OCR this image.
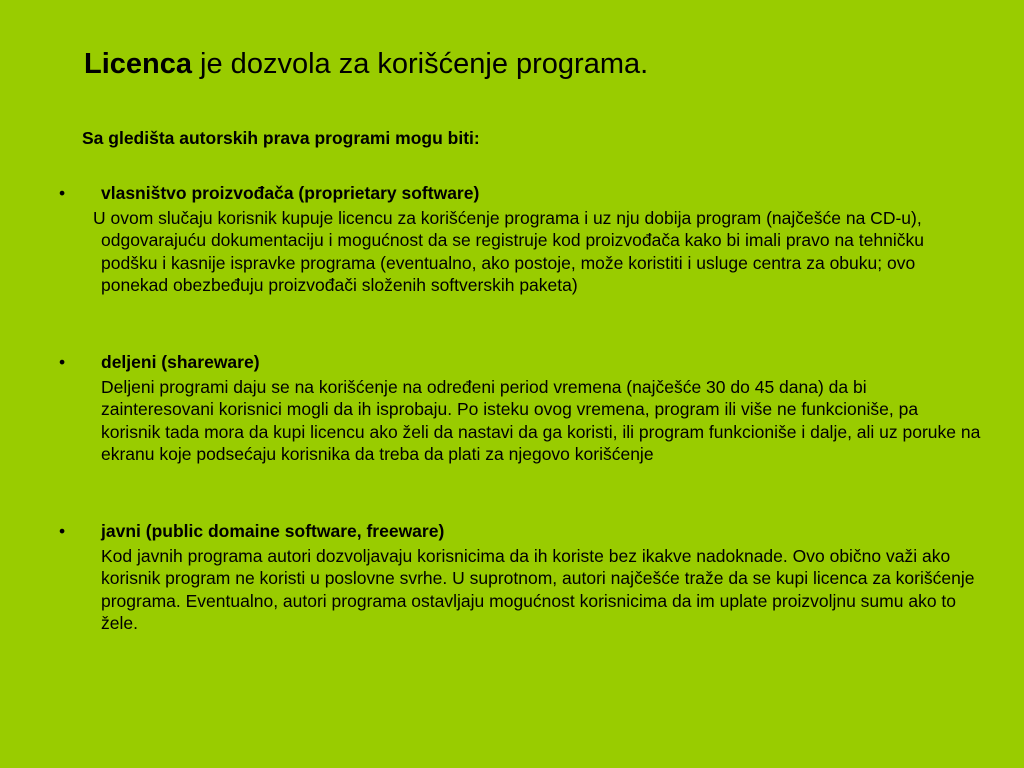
Licenca je dozvola za korišćenje programa.
Sa gledišta autorskih prava programi mogu biti:
• vlasništvo proizvođača (proprietary software)

U ovom slučaju korisnik kupuje licencu za korišćenje programa i uz nju dobija program (najčešće na CD-u), odgovarajuću dokumentaciju i mogućnost da se registruje kod proizvođača kako bi imali pravo na tehničku podšku i kasnije ispravke programa (eventualno, ako postoje, može koristiti i usluge centra za obuku; ovo ponekad obezbeđuju proizvođači složenih softverskih paketa)

• deljeni (shareware)

Deljeni programi daju se na korišćenje na određeni period vremena (najčešće 30 do 45 dana) da bi zainteresovani korisnici mogli da ih isprobaju. Po isteku ovog vremena, program ili više ne funkcioniše, pa korisnik tada mora da kupi licencu ako želi da nastavi da ga koristi, ili program funkcioniše i dalje, ali uz poruke na ekranu koje podsećaju korisnika da treba da plati za njegovo korišćenje

• javni (public domaine software, freeware)

Kod javnih programa autori dozvoljavaju korisnicima da ih koriste bez ikakve nadoknade. Ovo obično važi ako korisnik program ne koristi u poslovne svrhe. U suprotnom, autori najčešće traže da se kupi licenca za korišćenje programa. Eventualno, autori programa ostavljaju mogućnost korisnicima da im uplate proizvoljnu sumu ako to žele.
